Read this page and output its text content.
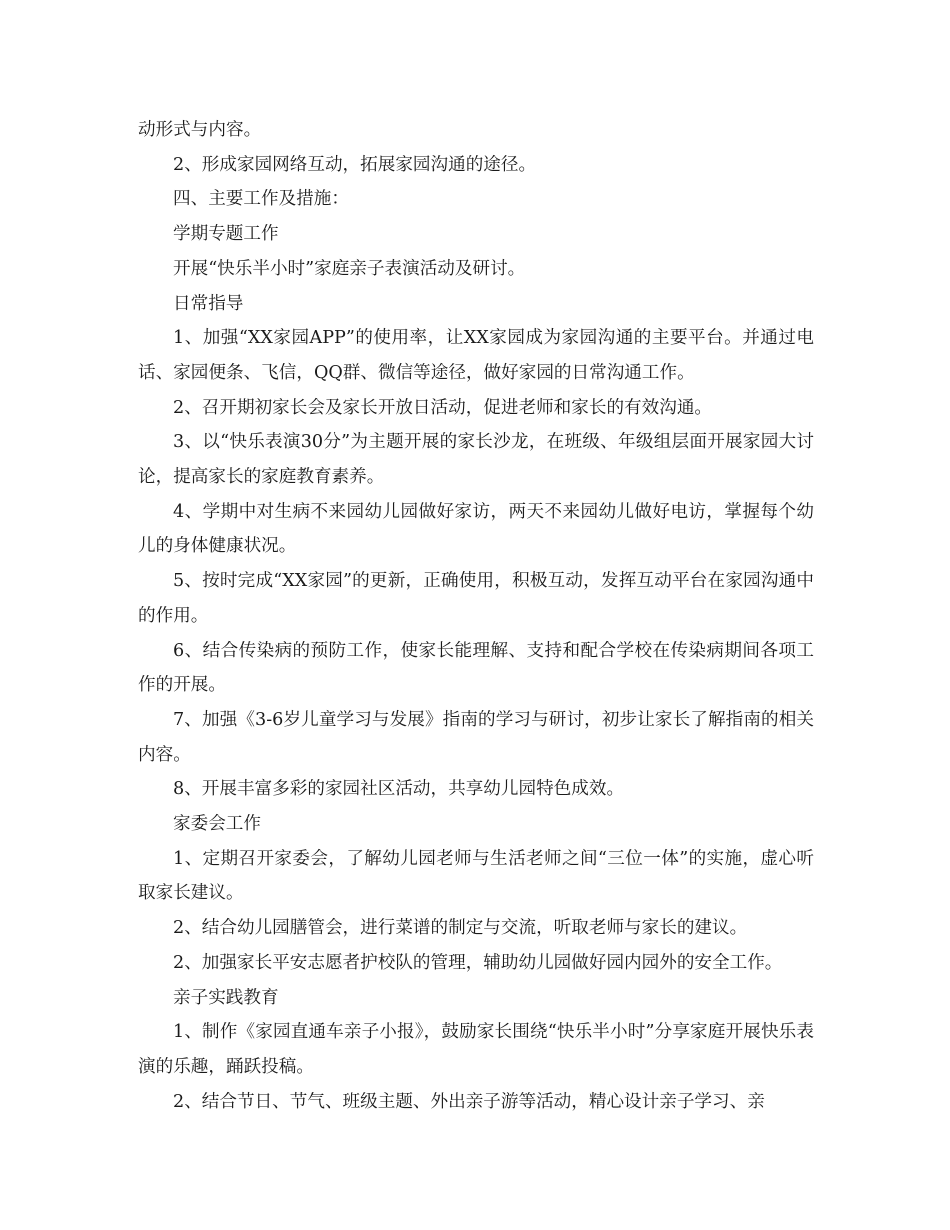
动形式与内容。

2、形成家园网络互动，拓展家园沟通的途径。

四、主要工作及措施：

学期专题工作

开展“快乐半小时”家庭亲子表演活动及研讨。

日常指导

1、加强“XX家园APP”的使用率，让XX家园成为家园沟通的主要平台。并通过电话、家园便条、飞信，QQ群、微信等途径，做好家园的日常沟通工作。

2、召开期初家长会及家长开放日活动，促进老师和家长的有效沟通。

3、以“快乐表演30分”为主题开展的家长沙龙，在班级、年级组层面开展家园大讨论，提高家长的家庭教育素养。

4、学期中对生病不来园幼儿园做好家访，两天不来园幼儿做好电访，掌握每个幼儿的身体健康状况。

5、按时完成“XX家园”的更新，正确使用，积极互动，发挥互动平台在家园沟通中的作用。

6、结合传染病的预防工作，使家长能理解、支持和配合学校在传染病期间各项工作的开展。

7、加强《3-6岁儿童学习与发展》指南的学习与研讨，初步让家长了解指南的相关内容。

8、开展丰富多彩的家园社区活动，共享幼儿园特色成效。

家委会工作

1、定期召开家委会，了解幼儿园老师与生活老师之间“三位一体”的实施，虚心听取家长建议。

2、结合幼儿园膳管会，进行菜谱的制定与交流，听取老师与家长的建议。

2、加强家长平安志愿者护校队的管理，辅助幼儿园做好园内园外的安全工作。

亲子实践教育

1、制作《家园直通车亲子小报》，鼓励家长围绕“快乐半小时”分享家庭开展快乐表演的乐趣，踊跃投稿。

2、结合节日、节气、班级主题、外出亲子游等活动，精心设计亲子学习、亲
